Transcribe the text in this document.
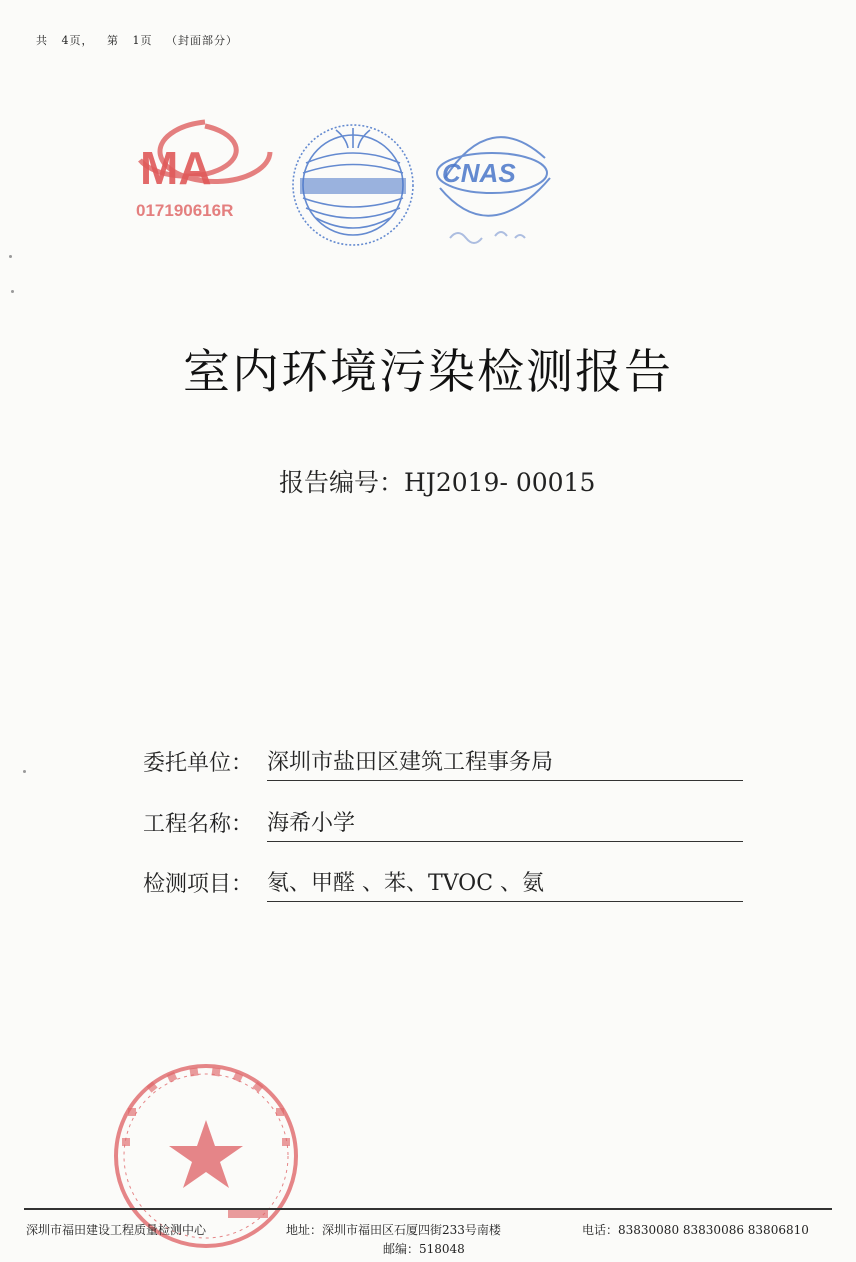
共   4页，   第   1页   （封面部分）
MA
017190616R
CNAS
室内环境污染检测报告
报告编号：HJ2019- 00015
委托单位： 深圳市盐田区建筑工程事务局
工程名称： 海希小学
检测项目： 氡、甲醛 、苯、TVOC 、氨
深圳市福田建设工程质量检测中心	地址：深圳市福田区石厦四街233号南楼
邮编：518048
电话：83830080 83830086 83806810
